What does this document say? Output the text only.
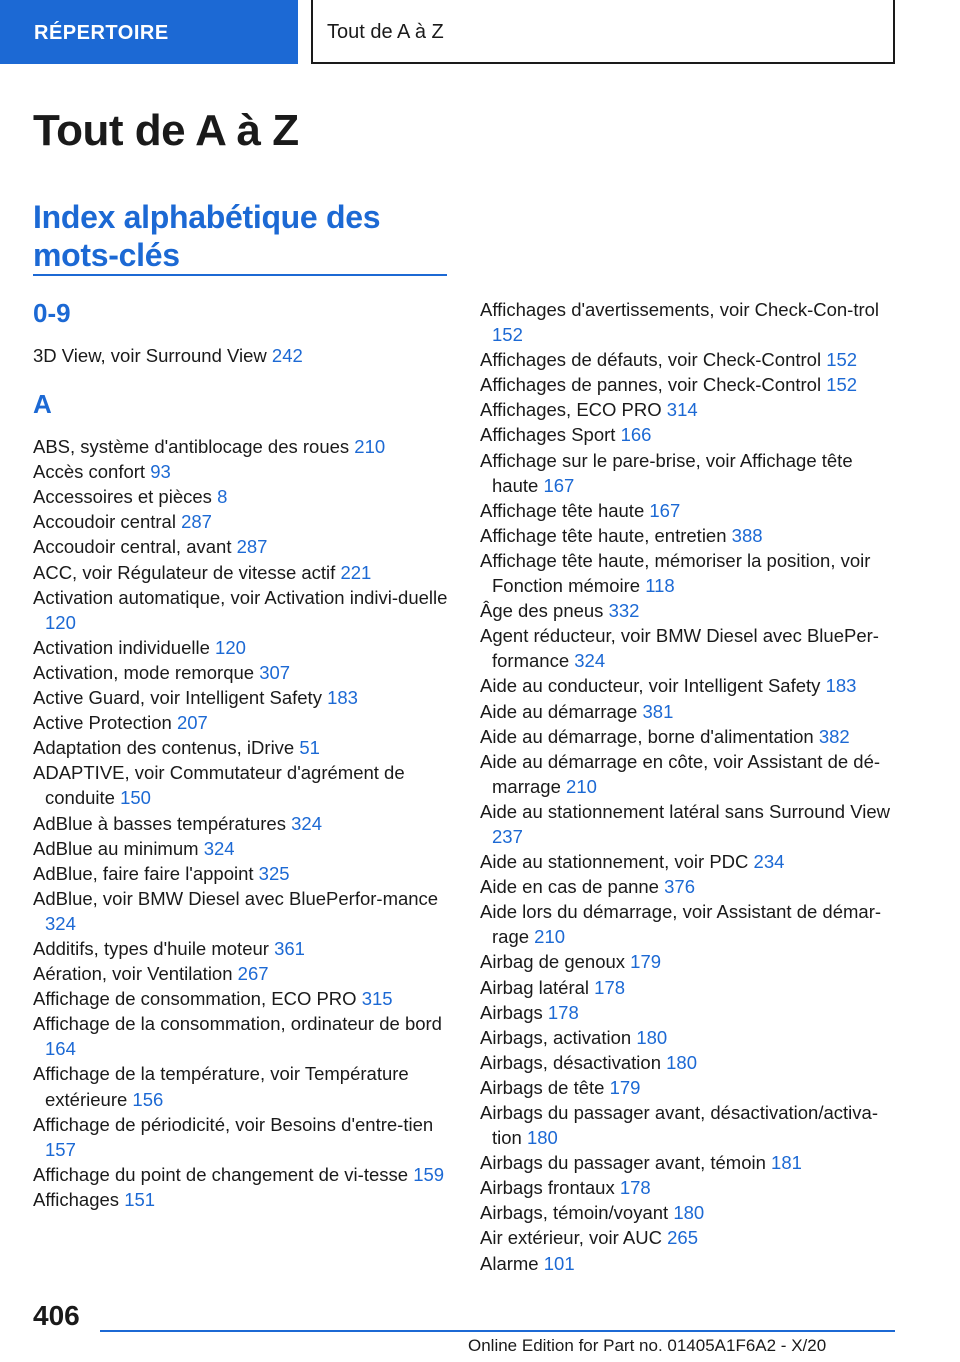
RÉPERTOIRE	Tout de A à Z
Tout de A à Z
Index alphabétique des mots-clés
0-9
3D View, voir Surround View 242
A
ABS, système d'antiblocage des roues 210
Accès confort 93
Accessoires et pièces 8
Accoudoir central 287
Accoudoir central, avant 287
ACC, voir Régulateur de vitesse actif 221
Activation automatique, voir Activation indivi‐duelle 120
Activation individuelle 120
Activation, mode remorque 307
Active Guard, voir Intelligent Safety 183
Active Protection 207
Adaptation des contenus, iDrive 51
ADAPTIVE, voir Commutateur d'agrément de conduite 150
AdBlue à basses températures 324
AdBlue au minimum 324
AdBlue, faire faire l'appoint 325
AdBlue, voir BMW Diesel avec BluePerfor‐mance 324
Additifs, types d'huile moteur 361
Aération, voir Ventilation 267
Affichage de consommation, ECO PRO 315
Affichage de la consommation, ordinateur de bord 164
Affichage de la température, voir Température extérieure 156
Affichage de périodicité, voir Besoins d'entre‐tien 157
Affichage du point de changement de vi‐tesse 159
Affichages 151
Affichages d'avertissements, voir Check-Con‐trol 152
Affichages de défauts, voir Check-Control 152
Affichages de pannes, voir Check-Control 152
Affichages, ECO PRO 314
Affichages Sport 166
Affichage sur le pare-brise, voir Affichage tête haute 167
Affichage tête haute 167
Affichage tête haute, entretien 388
Affichage tête haute, mémoriser la position, voir Fonction mémoire 118
Âge des pneus 332
Agent réducteur, voir BMW Diesel avec BluePer‐formance 324
Aide au conducteur, voir Intelligent Safety 183
Aide au démarrage 381
Aide au démarrage, borne d'alimentation 382
Aide au démarrage en côte, voir Assistant de dé‐marrage 210
Aide au stationnement latéral sans Surround View 237
Aide au stationnement, voir PDC 234
Aide en cas de panne 376
Aide lors du démarrage, voir Assistant de démar‐rage 210
Airbag de genoux 179
Airbag latéral 178
Airbags 178
Airbags, activation 180
Airbags, désactivation 180
Airbags de tête 179
Airbags du passager avant, désactivation/activa‐tion 180
Airbags du passager avant, témoin 181
Airbags frontaux 178
Airbags, témoin/voyant 180
Air extérieur, voir AUC 265
Alarme 101
406
Online Edition for Part no. 01405A1F6A2 - X/20
